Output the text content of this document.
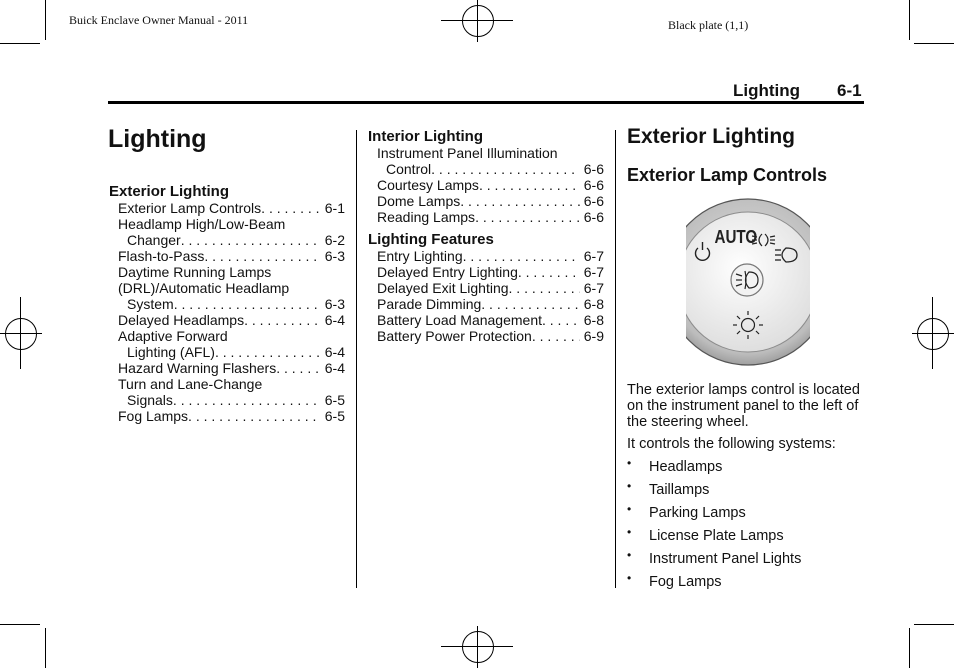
Buick Enclave Owner Manual - 2011	Black plate (1,1)
Lighting 6-1
Lighting
Exterior Lighting
Exterior Lamp Controls . . .	6-1
Headlamp High/Low-Beam
Changer . . .	6-2
Flash-to-Pass . . .	6-3
Daytime Running Lamps
(DRL)/Automatic Headlamp
System . . .	6-3
Delayed Headlamps . . .	6-4
Adaptive Forward
Lighting (AFL) . . .	6-4
Hazard Warning Flashers . . .	6-4
Turn and Lane-Change
Signals . . .	6-5
Fog Lamps . . .	6-5
Interior Lighting
Instrument Panel Illumination
Control . . .	6-6
Courtesy Lamps . . .	6-6
Dome Lamps . . .	6-6
Reading Lamps . . .	6-6
Lighting Features
Entry Lighting . . .	6-7
Delayed Entry Lighting . . .	6-7
Delayed Exit Lighting . . .	6-7
Parade Dimming . . .	6-8
Battery Load Management . . .	6-8
Battery Power Protection . . .	6-9
Exterior Lighting
Exterior Lamp Controls
AUTO
The exterior lamps control is located on the instrument panel to the left of the steering wheel.
It controls the following systems:
• Headlamps
• Taillamps
• Parking Lamps
• License Plate Lamps
• Instrument Panel Lights
• Fog Lamps
